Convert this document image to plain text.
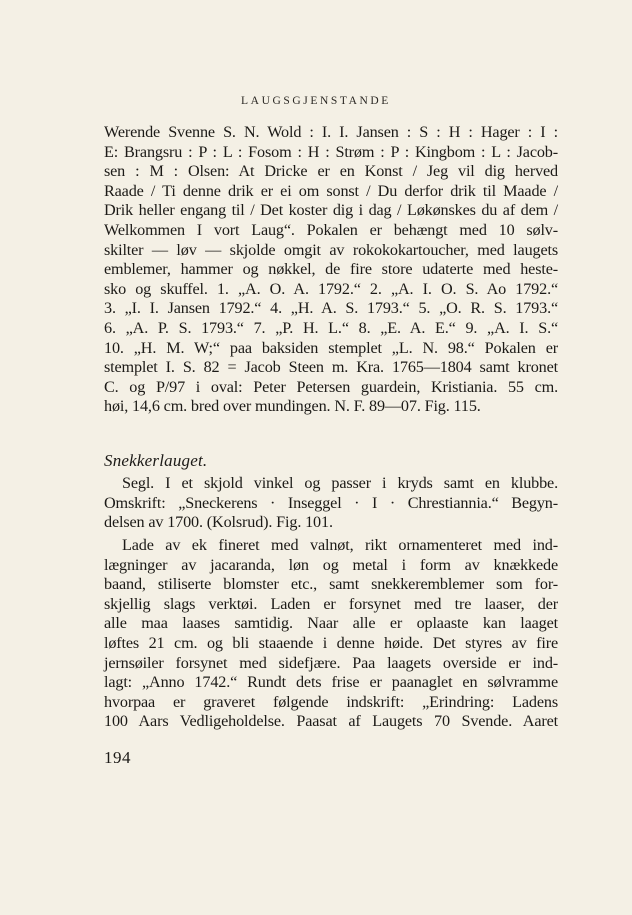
LAUGSGJENSTANDE
Werende Svenne S. N. Wold : I. I. Jansen : S : H : Hager : I :
E: Brangsru : P : L : Fosom : H : Strøm : P : Kingbom : L : Jacob-
sen : M : Olsen: At Dricke er en Konst / Jeg vil dig herved
Raade / Ti denne drik er ei om sonst / Du derfor drik til Maade /
Drik heller engang til / Det koster dig i dag / Løkønskes du af dem /
Welkommen I vort Laug“. Pokalen er behængt med 10 sølv-
skilter — løv — skjolde omgit av rokokokartoucher, med laugets
emblemer, hammer og nøkkel, de fire store udaterte med heste-
sko og skuffel. 1. „A. O. A. 1792.“ 2. „A. I. O. S. Ao 1792.“
3. „I. I. Jansen 1792.“ 4. „H. A. S. 1793.“ 5. „O. R. S. 1793.“
6. „A. P. S. 1793.“ 7. „P. H. L.“ 8. „E. A. E.“ 9. „A. I. S.“
10. „H. M. W;“ paa baksiden stemplet „L. N. 98.“ Pokalen er
stemplet I. S. 82 = Jacob Steen m. Kra. 1765—1804 samt kronet
C. og P/97 i oval: Peter Petersen guardein, Kristiania. 55 cm.
høi, 14,6 cm. bred over mundingen. N. F. 89—07. Fig. 115.
Snekkerlauget.
Segl. I et skjold vinkel og passer i kryds samt en klubbe.
Omskrift: „Sneckerens · Inseggel · I · Chrestiannia.“ Begyn-
delsen av 1700. (Kolsrud). Fig. 101.
Lade av ek fineret med valnøt, rikt ornamenteret med ind-
lægninger av jacaranda, løn og metal i form av knækkede
baand, stiliserte blomster etc., samt snekkeremblemer som for-
skjellig slags verktøi. Laden er forsynet med tre laaser, der
alle maa laases samtidig. Naar alle er oplaaste kan laaget
løftes 21 cm. og bli staaende i denne høide. Det styres av fire
jernsøiler forsynet med sidefjære. Paa laagets overside er ind-
lagt: „Anno 1742.“ Rundt dets frise er paanaglet en sølvramme
hvorpaa er graveret følgende indskrift: „Erindring: Ladens
100 Aars Vedligeholdelse. Paasat af Laugets 70 Svende. Aaret
194
